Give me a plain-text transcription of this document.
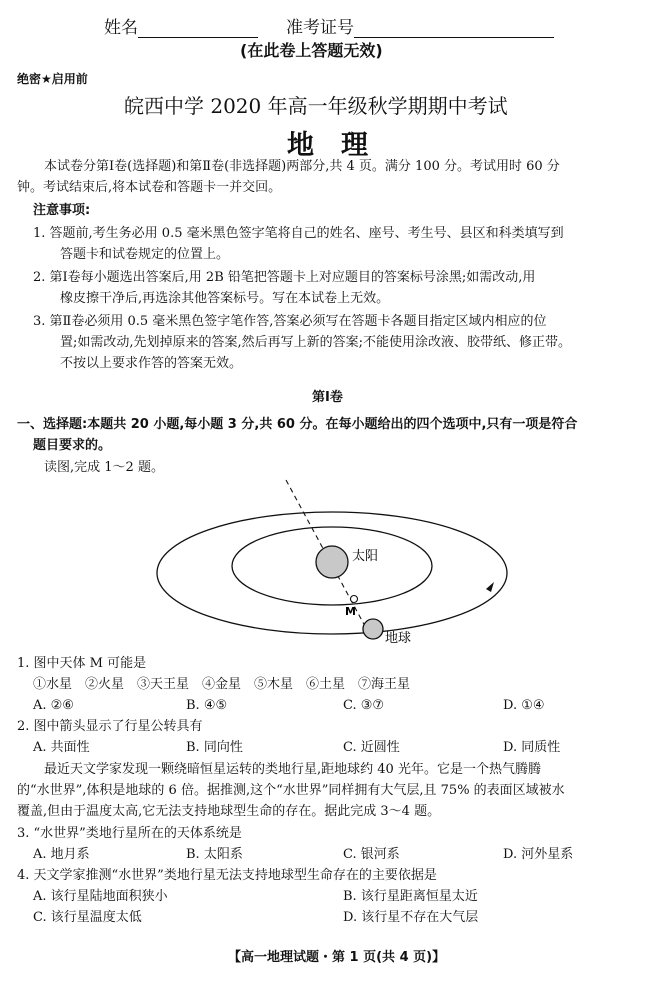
姓名	准考证号
(在此卷上答题无效)
绝密★启用前
皖西中学 2020 年高一年级秋学期期中考试
地　理
本试卷分第Ⅰ卷(选择题)和第Ⅱ卷(非选择题)两部分,共 4 页。满分 100 分。考试用时 60 分
钟。考试结束后,将本试卷和答题卡一并交回。
注意事项:
1. 答题前,考生务必用 0.5 毫米黑色签字笔将自己的姓名、座号、考生号、县区和科类填写到
答题卡和试卷规定的位置上。
2. 第Ⅰ卷每小题选出答案后,用 2B 铅笔把答题卡上对应题目的答案标号涂黑;如需改动,用
橡皮擦干净后,再选涂其他答案标号。写在本试卷上无效。
3. 第Ⅱ卷必须用 0.5 毫米黑色签字笔作答,答案必须写在答题卡各题目指定区域内相应的位
置;如需改动,先划掉原来的答案,然后再写上新的答案;不能使用涂改液、胶带纸、修正带。
不按以上要求作答的答案无效。
第Ⅰ卷
一、选择题:本题共 20 小题,每小题 3 分,共 60 分。在每小题给出的四个选项中,只有一项是符合
题目要求的。
读图,完成 1～2 题。
太阳
M
地球
1. 图中天体 M 可能是
①水星　②火星　③天王星　④金星　⑤木星　⑥土星　⑦海王星
A. ②⑥	B. ④⑤	C. ③⑦	D. ①④
2. 图中箭头显示了行星公转具有
A. 共面性	B. 同向性	C. 近圆性	D. 同质性
最近天文学家发现一颗绕暗恒星运转的类地行星,距地球约 40 光年。它是一个热气腾腾
的“水世界”,体积是地球的 6 倍。据推测,这个“水世界”同样拥有大气层,且 75% 的表面区域被水
覆盖,但由于温度太高,它无法支持地球型生命的存在。据此完成 3～4 题。
3. “水世界”类地行星所在的天体系统是
A. 地月系	B. 太阳系	C. 银河系	D. 河外星系
4. 天文学家推测“水世界”类地行星无法支持地球型生命存在的主要依据是
A. 该行星陆地面积狭小	B. 该行星距离恒星太近
C. 该行星温度太低	D. 该行星不存在大气层
【高一地理试题・第 1 页(共 4 页)】
